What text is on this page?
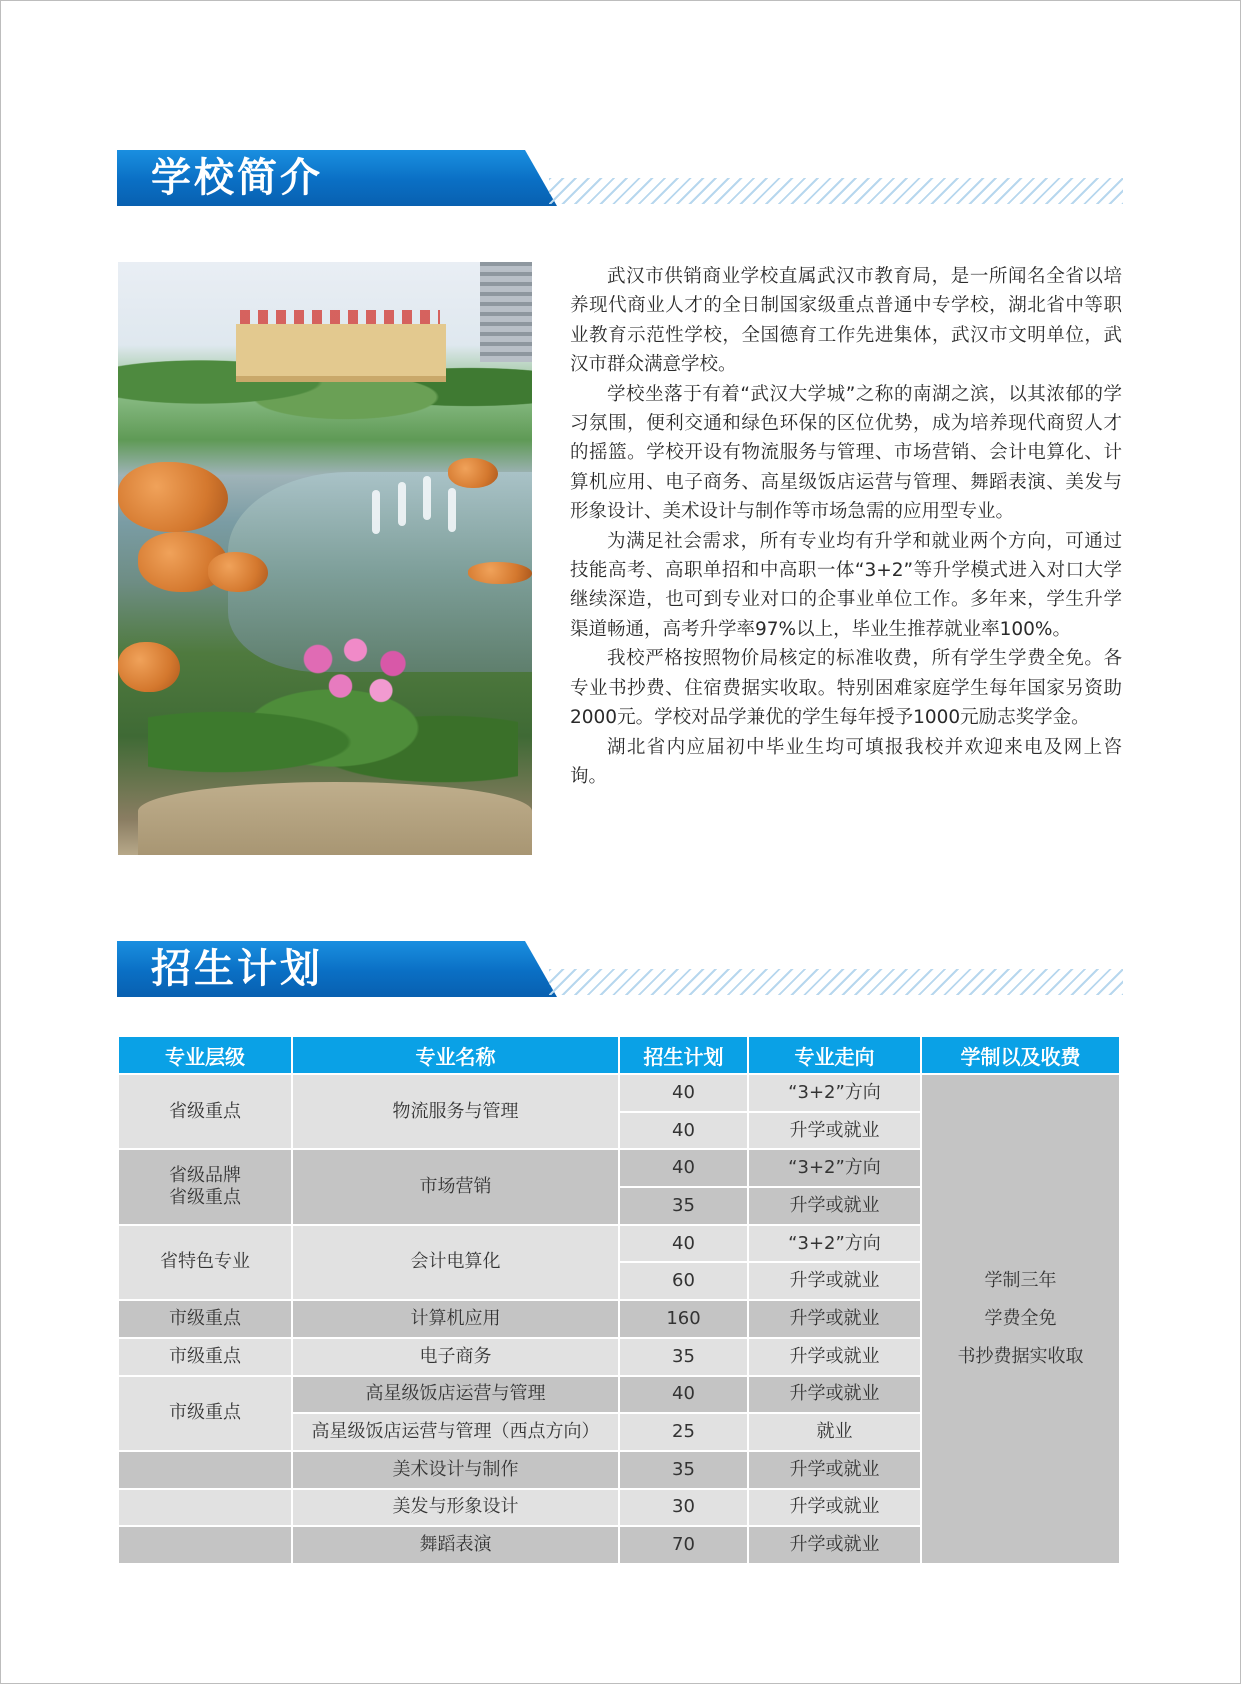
学校简介

武汉市供销商业学校直属武汉市教育局，是一所闻名全省以培养现代商业人才的全日制国家级重点普通中专学校，湖北省中等职业教育示范性学校，全国德育工作先进集体，武汉市文明单位，武汉市群众满意学校。

学校坐落于有着“武汉大学城”之称的南湖之滨，以其浓郁的学习氛围，便利交通和绿色环保的区位优势，成为培养现代商贸人才的摇篮。学校开设有物流服务与管理、市场营销、会计电算化、计算机应用、电子商务、高星级饭店运营与管理、舞蹈表演、美发与形象设计、美术设计与制作等市场急需的应用型专业。

为满足社会需求，所有专业均有升学和就业两个方向，可通过技能高考、高职单招和中高职一体“3+2”等升学模式进入对口大学继续深造，也可到专业对口的企事业单位工作。多年来，学生升学渠道畅通，高考升学率97%以上，毕业生推荐就业率100%。

我校严格按照物价局核定的标准收费，所有学生学费全免。各专业书抄费、住宿费据实收取。特别困难家庭学生每年国家另资助2000元。学校对品学兼优的学生每年授予1000元励志奖学金。

湖北省内应届初中毕业生均可填报我校并欢迎来电及网上咨询。

招生计划
专业层级	专业名称	招生计划	专业走向	学制以及收费
省级重点	物流服务与管理	40	“3+2”方向	学制三年
学费全免
书抄费据实收取

		40	升学或就业	

省级品牌
省级重点	市场营销	40	“3+2”方向	
		35	升学或就业	
省特色专业	会计电算化	40	“3+2”方向	
		60	升学或就业	
市级重点	计算机应用	160	升学或就业	
市级重点	电子商务	35	升学或就业	
市级重点	高星级饭店运营与管理	40	升学或就业	
	高星级饭店运营与管理（西点方向）	25	就业	
	美术设计与制作	35	升学或就业	
	美发与形象设计	30	升学或就业	
	舞蹈表演	70	升学或就业	
